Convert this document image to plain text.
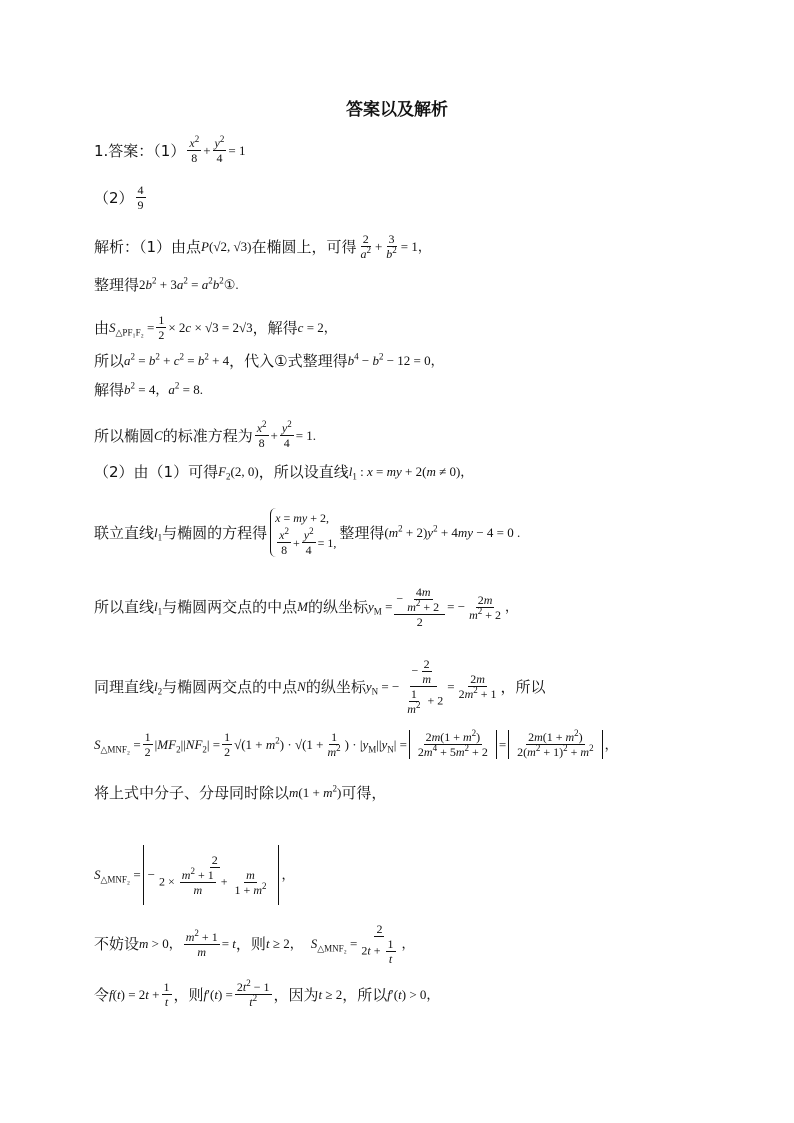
答案以及解析
1.答案：$(1) \frac{x^2}{8} + \frac{y^2}{4} = 1$
$(2) \frac{4}{9}$
解析：（1）由点 P(√2, √3) 在椭圆上，可得 $\frac{2}{a^2} + \frac{3}{b^2} = 1$，
整理得 $2b^2 + 3a^2$ = $a^2b^2①$.
由 $S_{\triangle PF_1F_2} = \frac{1}{2} \times 2c \times √3 = 2√3$ ，解得 c = 2，
所以 $a^2 = b^2 + c^2 = b^2 + 4$ ，代入①式整理得 $b^4 - b^2 - 12 = 0$，
解得 $b^2 = 4$，$a^2 = 8$.
所以椭圆 C 的标准方程为 $\frac{x^2}{8} + \frac{y^2}{4} = 1$.
（2）由（1）可得 $F_2(2$, 0) ，所以设直线 $l_1$ : x = my + 2(m ≠ 0)，
联立直线 $l_1$ 与椭圆的方程得
x = my + 2,
$\frac{x^2}{8} + \frac{y^2}{4} = 1$,
整理得 $(m^2 + 2)y^2 + 4my - 4 = 0$ .
所以直线 $l_1$ 与椭圆两交点的中点 M 的纵坐标 $y_M = \frac{- \frac{4m}{m^2 + 2}}{2}$ = − $\frac{2m}{m^2 + 2}$ ，
同理直线 $l_2$ 与椭圆两交点的中点 N 的纵坐标 $y_N$ = − $\frac{- \frac{2}{m}}{\frac{1}{m^2} + 2} = \frac{2m}{2m^2 + 1}$ ，所以
$S_{\triangle MNF_2} = \frac{1}{2} |MF_2||NF_2| = \frac{1}{2} √(1 + m^2) \cdot √(1 + \frac{1}{m^2}$ ) · $|y_M||y_N| = \frac{2m(1 + m^2)}{2m^4 + 5m^2 + 2} = \frac{2m(1 + m^2)}{2(m^2 + 1)^2 + m^2}$ ，
将上式中分子、分母同时除以 $m(1 + m^2)$ 可得，
$S_{\triangle MNF_2}$ = − $\frac{2}{2 \times \frac{m^2 + 1}{m} + \frac{m}{1 + m^2}}$ ，
不妨设 m > 0， $\frac{m^2 + 1}{m} = t$ ，则 t ≥ 2， $S_{\triangle MNF_2} = \frac{2}{2t + \frac{1}{t}}$ ，
令 $f(t) = 2t + \frac{1}{t}$ ，则 $f'(t) = \frac{2t^2 - 1}{t^2}$ ，因为 t ≥ 2 ，所以 f′(t) > 0，
